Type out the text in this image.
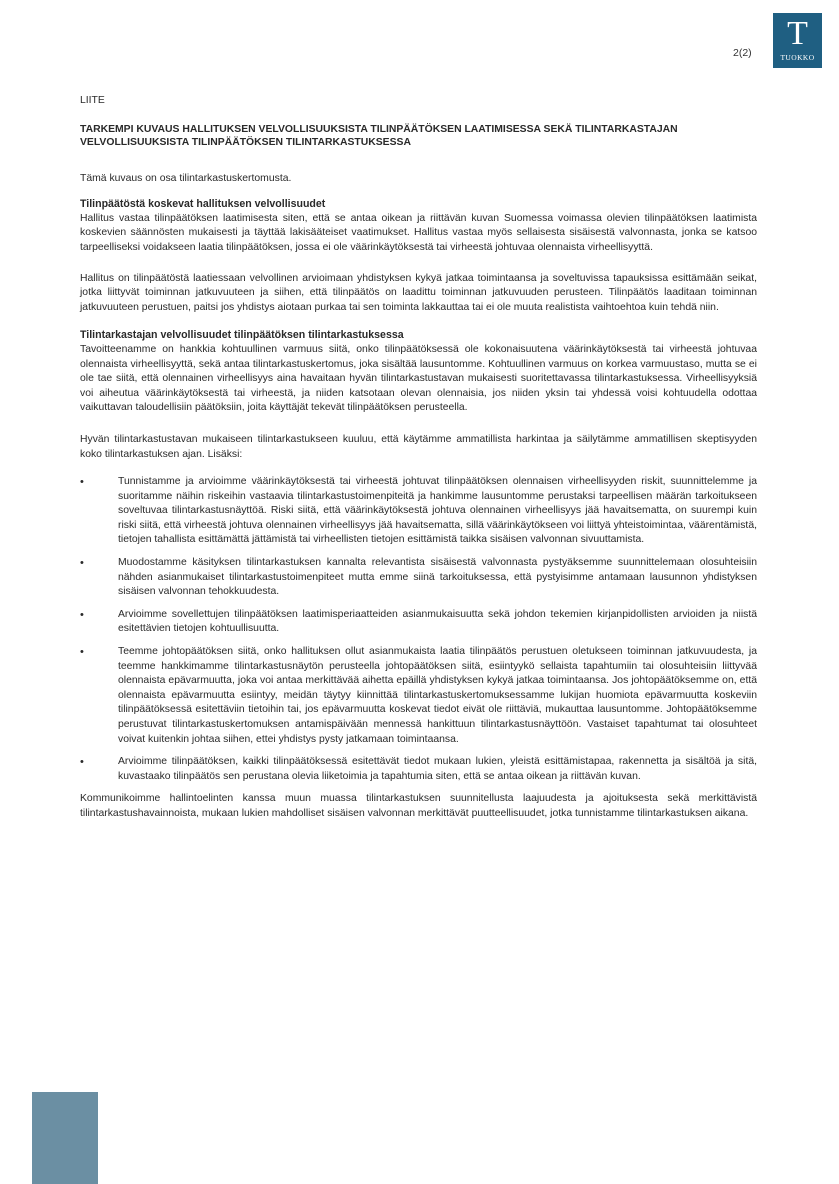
T
TUOKKO
2(2)
LIITE
TARKEMPI KUVAUS HALLITUKSEN VELVOLLISUUKSISTA TILINPÄÄTÖKSEN LAATIMISESSA SEKÄ TILINTARKASTAJAN VELVOLLISUUKSISTA TILINPÄÄTÖKSEN TILINTARKASTUKSESSA

Tämä kuvaus on osa tilintarkastuskertomusta.

Tilinpäätöstä koskevat hallituksen velvollisuudet

Hallitus vastaa tilinpäätöksen laatimisesta siten, että se antaa oikean ja riittävän kuvan Suomessa voimassa olevien tilinpäätöksen laatimista koskevien säännösten mukaisesti ja täyttää lakisääteiset vaatimukset. Hallitus vastaa myös sellaisesta sisäisestä valvonnasta, jonka se katsoo tarpeelliseksi voidakseen laatia tilinpäätöksen, jossa ei ole väärinkäytöksestä tai virheestä johtuvaa olennaista virheellisyyttä.

Hallitus on tilinpäätöstä laatiessaan velvollinen arvioimaan yhdistyksen kykyä jatkaa toimintaansa ja soveltuvissa tapauksissa esittämään seikat, jotka liittyvät toiminnan jatkuvuuteen ja siihen, että tilinpäätös on laadittu toiminnan jatkuvuuden perusteen. Tilinpäätös laaditaan toiminnan jatkuvuuteen perustuen, paitsi jos yhdistys aiotaan purkaa tai sen toiminta lakkauttaa tai ei ole muuta realistista vaihtoehtoa kuin tehdä niin.

Tilintarkastajan velvollisuudet tilinpäätöksen tilintarkastuksessa

Tavoitteenamme on hankkia kohtuullinen varmuus siitä, onko tilinpäätöksessä ole kokonaisuutena väärinkäytöksestä tai virheestä johtuvaa olennaista virheellisyyttä, sekä antaa tilintarkastuskertomus, joka sisältää lausuntomme. Kohtuullinen varmuus on korkea varmuustaso, mutta se ei ole tae siitä, että olennainen virheellisyys aina havaitaan hyvän tilintarkastustavan mukaisesti suoritettavassa tilintarkastuksessa. Virheellisyyksiä voi aiheutua väärinkäytöksestä tai virheestä, ja niiden katsotaan olevan olennaisia, jos niiden yksin tai yhdessä voisi kohtuudella odottaa vaikuttavan taloudellisiin päätöksiin, joita käyttäjät tekevät tilinpäätöksen perusteella.

Hyvän tilintarkastustavan mukaiseen tilintarkastukseen kuuluu, että käytämme ammatillista harkintaa ja säilytämme ammatillisen skeptisyyden koko tilintarkastuksen ajan. Lisäksi:

•	Tunnistamme ja arvioimme väärinkäytöksestä tai virheestä johtuvat tilinpäätöksen olennaisen virheellisyyden riskit, suunnittelemme ja suoritamme näihin riskeihin vastaavia tilintarkastustoimenpiteitä ja hankimme lausuntomme perustaksi tarpeellisen määrän tarkoitukseen soveltuvaa tilintarkastusnäyttöä. Riski siitä, että väärinkäytöksestä johtuva olennainen virheellisyys jää havaitsematta, on suurempi kuin riski siitä, että virheestä johtuva olennainen virheellisyys jää havaitsematta, sillä väärinkäytökseen voi liittyä yhteistoimintaa, väärentämistä, tietojen tahallista esittämättä jättämistä tai virheellisten tietojen esittämistä taikka sisäisen valvonnan sivuuttamista.
•	Muodostamme käsityksen tilintarkastuksen kannalta relevantista sisäisestä valvonnasta pystyäksemme suunnittelemaan olosuhteisiin nähden asianmukaiset tilintarkastustoimenpiteet mutta emme siinä tarkoituksessa, että pystyisimme antamaan lausunnon yhdistyksen sisäisen valvonnan tehokkuudesta.
•	Arvioimme sovellettujen tilinpäätöksen laatimisperiaatteiden asianmukaisuutta sekä johdon tekemien kirjanpidollisten arvioiden ja niistä esitettävien tietojen kohtuullisuutta.
•	Teemme johtopäätöksen siitä, onko hallituksen ollut asianmukaista laatia tilinpäätös perustuen oletukseen toiminnan jatkuvuudesta, ja teemme hankkimamme tilintarkastusnäytön perusteella johtopäätöksen siitä, esiintyykö sellaista tapahtumiin tai olosuhteisiin liittyvää olennaista epävarmuutta, joka voi antaa merkittävää aihetta epäillä yhdistyksen kykyä jatkaa toimintaansa. Jos johtopäätöksemme on, että olennaista epävarmuutta esiintyy, meidän täytyy kiinnittää tilintarkastuskertomuksessamme lukijan huomiota epävarmuutta koskeviin tilinpäätöksessä esitettäviin tietoihin tai, jos epävarmuutta koskevat tiedot eivät ole riittäviä, mukauttaa lausuntomme. Johtopäätöksemme perustuvat tilintarkastuskertomuksen antamispäivään mennessä hankittuun tilintarkastusnäyttöön. Vastaiset tapahtumat tai olosuhteet voivat kuitenkin johtaa siihen, ettei yhdistys pysty jatkamaan toimintaansa.
•	Arvioimme tilinpäätöksen, kaikki tilinpäätöksessä esitettävät tiedot mukaan lukien, yleistä esittämistapaa, rakennetta ja sisältöä ja sitä, kuvastaako tilinpäätös sen perustana olevia liiketoimia ja tapahtumia siten, että se antaa oikean ja riittävän kuvan.

Kommunikoimme hallintoelinten kanssa muun muassa tilintarkastuksen suunnitellusta laajuudesta ja ajoituksesta sekä merkittävistä tilintarkastushavainnoista, mukaan lukien mahdolliset sisäisen valvonnan merkittävät puutteellisuudet, jotka tunnistamme tilintarkastuksen aikana.
